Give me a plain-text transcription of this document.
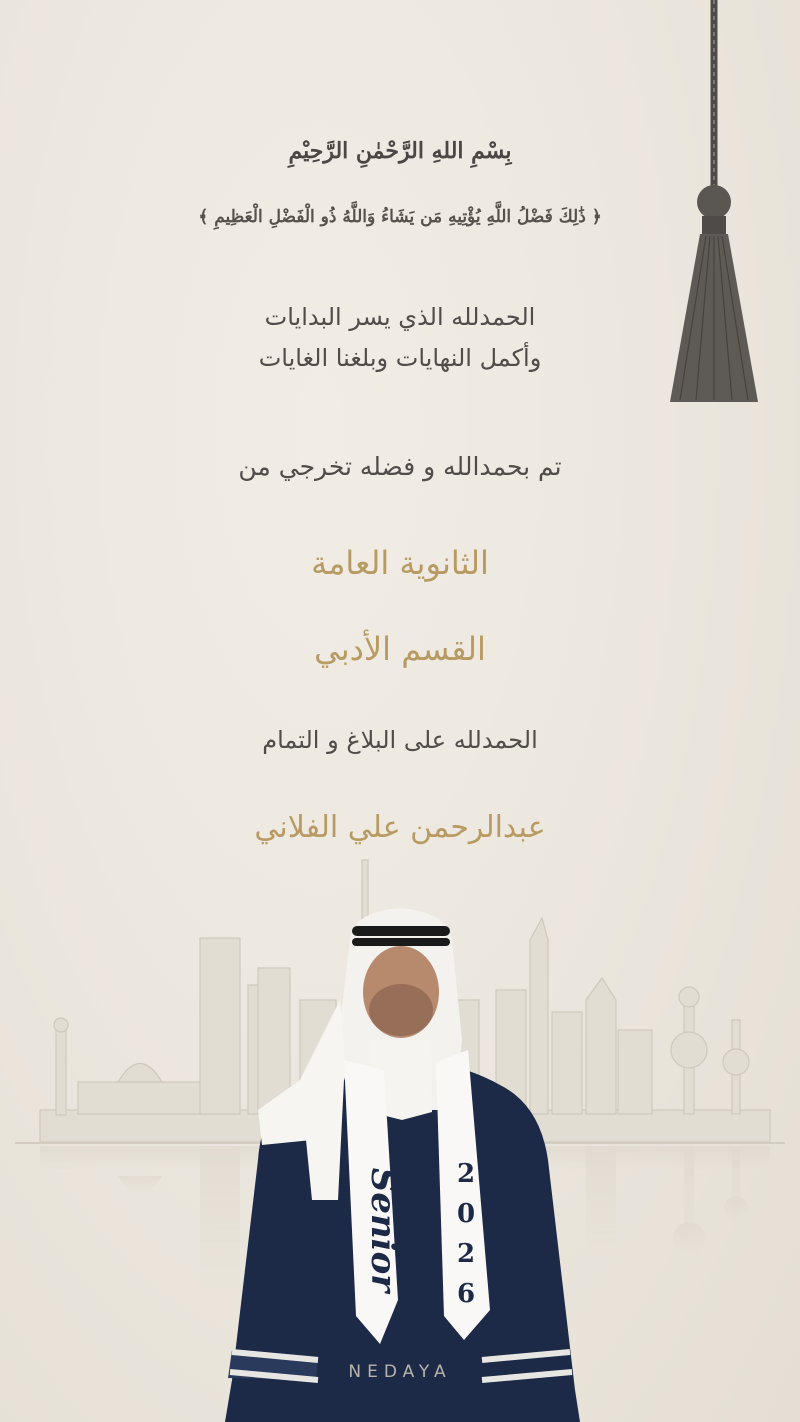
بِسْمِ اللهِ الرَّحْمٰنِ الرَّحِيْمِ

﴿ ذَٰلِكَ فَضْلُ اللَّهِ يُؤْتِيهِ مَن يَشَاءُ وَاللَّهُ ذُو الْفَضْلِ الْعَظِيمِ ﴾

الحمدلله الذي يسر البدايات

وأكمل النهايات وبلغنا الغايات

تم بحمدالله و فضله تخرجي من

الثانوية العامة

القسم الأدبي

الحمدلله على البلاغ و التمام

عبدالرحمن علي الفلاني

Senior 2
0
2
6
NEDAYA
